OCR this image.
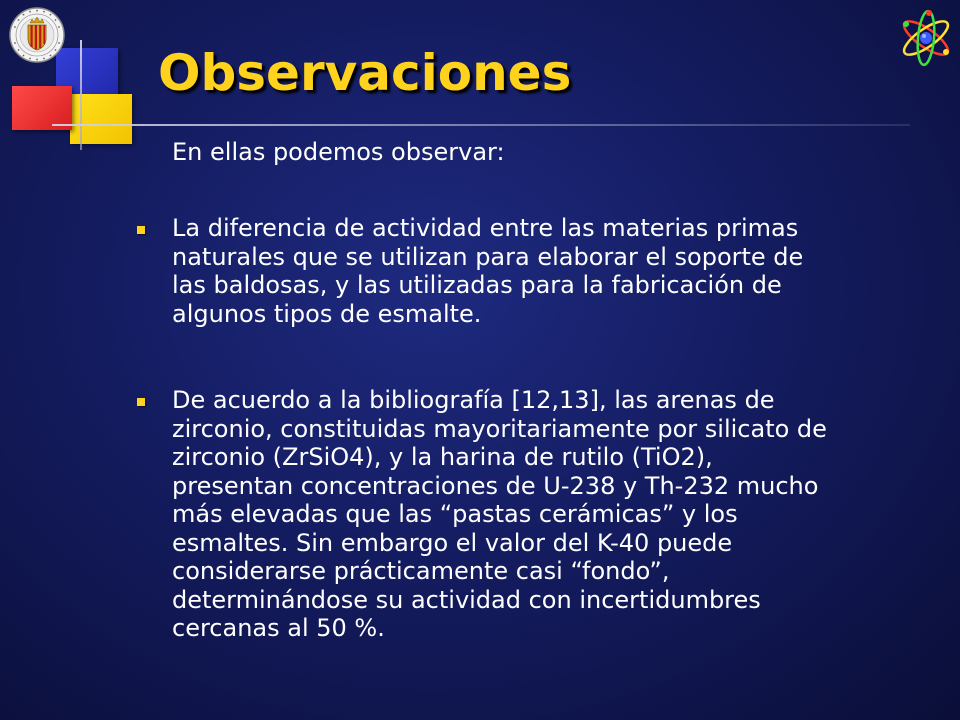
Observaciones

En ellas podemos observar:

La diferencia de actividad entre las materias primas
naturales que se utilizan para elaborar el soporte de
las baldosas, y las utilizadas para la fabricación de
algunos tipos de esmalte.
De acuerdo a la bibliografía [12,13], las arenas de
zirconio, constituidas mayoritariamente por silicato de
zirconio (ZrSiO4), y la harina de rutilo (TiO2),
presentan concentraciones de U-238 y Th-232 mucho
más elevadas que las “pastas cerámicas” y los
esmaltes. Sin embargo el valor del K-40 puede
considerarse prácticamente casi “fondo”,
determinándose su actividad con incertidumbres
cercanas al 50 %.
